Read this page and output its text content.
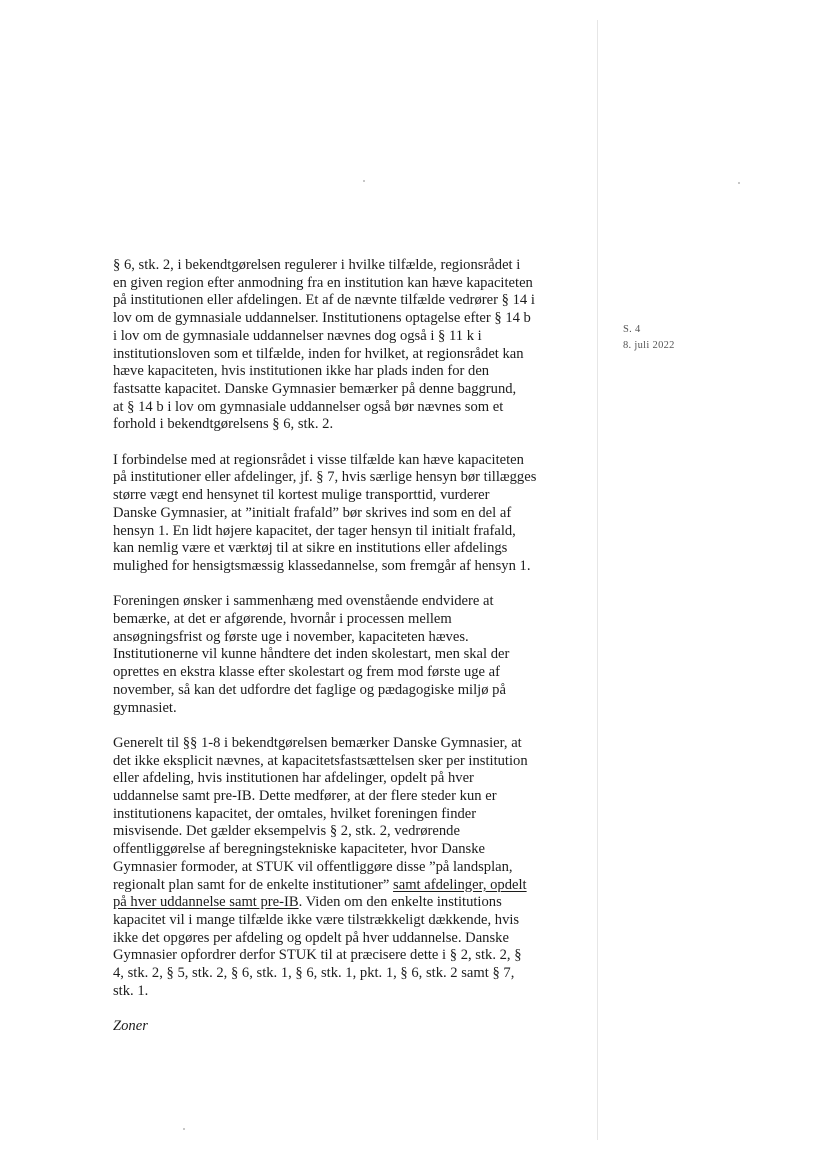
S. 4
8. juli 2022
§ 6, stk. 2, i bekendtgørelsen regulerer i hvilke tilfælde, regionsrådet i
en given region efter anmodning fra en institution kan hæve kapaciteten
på institutionen eller afdelingen. Et af de nævnte tilfælde vedrører § 14 i
lov om de gymnasiale uddannelser. Institutionens optagelse efter § 14 b
i lov om de gymnasiale uddannelser nævnes dog også i § 11 k i
institutionsloven som et tilfælde, inden for hvilket, at regionsrådet kan
hæve kapaciteten, hvis institutionen ikke har plads inden for den
fastsatte kapacitet. Danske Gymnasier bemærker på denne baggrund,
at § 14 b i lov om gymnasiale uddannelser også bør nævnes som et
forhold i bekendtgørelsens § 6, stk. 2.
I forbindelse med at regionsrådet i visse tilfælde kan hæve kapaciteten
på institutioner eller afdelinger, jf. § 7, hvis særlige hensyn bør tillægges
større vægt end hensynet til kortest mulige transporttid, vurderer
Danske Gymnasier, at ”initialt frafald” bør skrives ind som en del af
hensyn 1. En lidt højere kapacitet, der tager hensyn til initialt frafald,
kan nemlig være et værktøj til at sikre en institutions eller afdelings
mulighed for hensigtsmæssig klassedannelse, som fremgår af hensyn 1.
Foreningen ønsker i sammenhæng med ovenstående endvidere at
bemærke, at det er afgørende, hvornår i processen mellem
ansøgningsfrist og første uge i november, kapaciteten hæves.
Institutionerne vil kunne håndtere det inden skolestart, men skal der
oprettes en ekstra klasse efter skolestart og frem mod første uge af
november, så kan det udfordre det faglige og pædagogiske miljø på
gymnasiet.
Generelt til §§ 1-8 i bekendtgørelsen bemærker Danske Gymnasier, at
det ikke eksplicit nævnes, at kapacitetsfastsættelsen sker per institution
eller afdeling, hvis institutionen har afdelinger, opdelt på hver
uddannelse samt pre-IB. Dette medfører, at der flere steder kun er
institutionens kapacitet, der omtales, hvilket foreningen finder
misvisende. Det gælder eksempelvis § 2, stk. 2, vedrørende
offentliggørelse af beregningstekniske kapaciteter, hvor Danske
Gymnasier formoder, at STUK vil offentliggøre disse ”på landsplan,
regionalt plan samt for de enkelte institutioner” samt afdelinger, opdelt
på hver uddannelse samt pre-IB. Viden om den enkelte institutions
kapacitet vil i mange tilfælde ikke være tilstrækkeligt dækkende, hvis
ikke det opgøres per afdeling og opdelt på hver uddannelse. Danske
Gymnasier opfordrer derfor STUK til at præcisere dette i § 2, stk. 2, §
4, stk. 2, § 5, stk. 2, § 6, stk. 1, § 6, stk. 1, pkt. 1, § 6, stk. 2 samt § 7,
stk. 1.
Zoner
